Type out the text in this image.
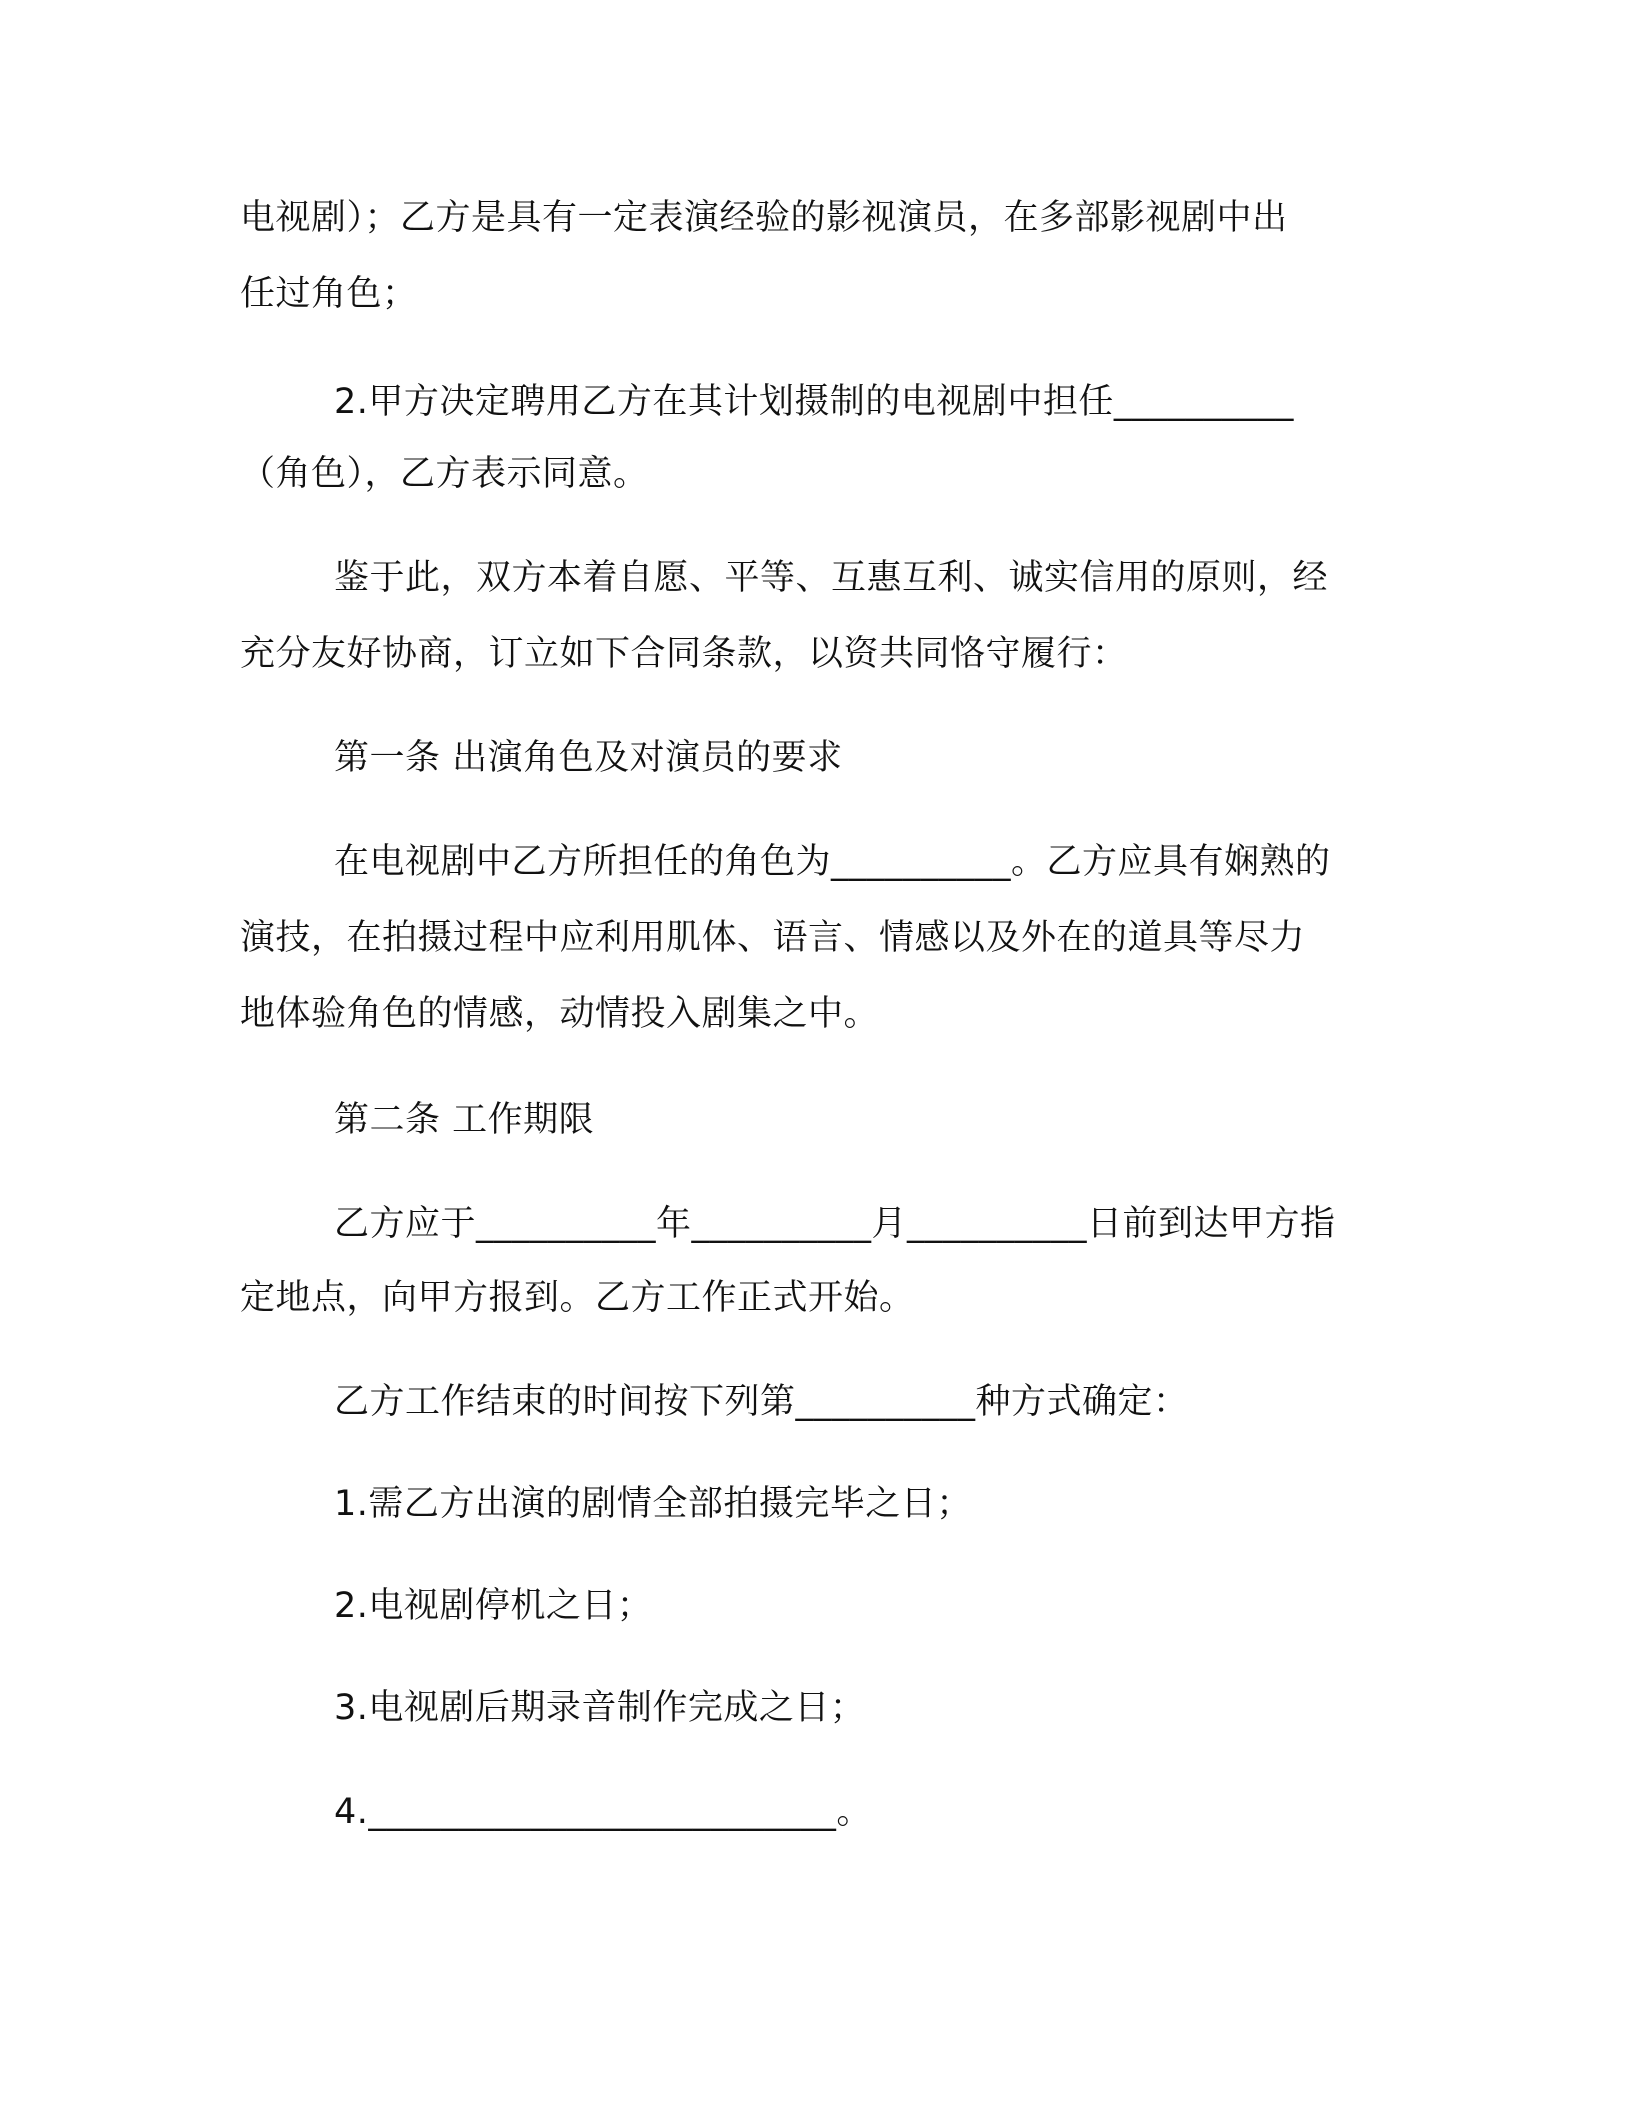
电视剧）；乙方是具有一定表演经验的影视演员，在多部影视剧中出
任过角色；
2.甲方决定聘用乙方在其计划摄制的电视剧中担任__________
（角色），乙方表示同意。
鉴于此，双方本着自愿、平等、互惠互利、诚实信用的原则，经
充分友好协商，订立如下合同条款，以资共同恪守履行：
第一条 出演角色及对演员的要求
在电视剧中乙方所担任的角色为__________。乙方应具有娴熟的
演技，在拍摄过程中应利用肌体、语言、情感以及外在的道具等尽力
地体验角色的情感，动情投入剧集之中。
第二条 工作期限
乙方应于__________年__________月__________日前到达甲方指
定地点，向甲方报到。乙方工作正式开始。
乙方工作结束的时间按下列第__________种方式确定：
1.需乙方出演的剧情全部拍摄完毕之日；
2.电视剧停机之日；
3.电视剧后期录音制作完成之日；
4.__________________________。
